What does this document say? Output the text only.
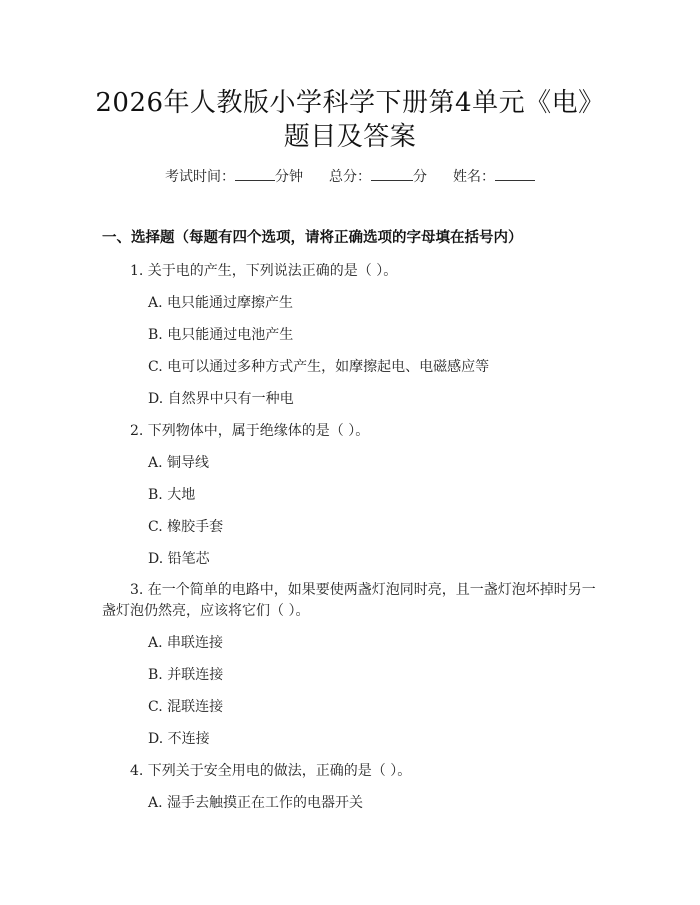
2026年人教版小学科学下册第4单元《电》
题目及答案
考试时间：	分钟 总分：	分 姓名：
一、选择题（每题有四个选项，请将正确选项的字母填在括号内）
1. 关于电的产生，下列说法正确的是（ ）。
A. 电只能通过摩擦产生
B. 电只能通过电池产生
C. 电可以通过多种方式产生，如摩擦起电、电磁感应等
D. 自然界中只有一种电
2. 下列物体中，属于绝缘体的是（ ）。
A. 铜导线
B. 大地
C. 橡胶手套
D. 铅笔芯
3. 在一个简单的电路中，如果要使两盏灯泡同时亮，且一盏灯泡坏掉时另一
盏灯泡仍然亮，应该将它们（ ）。
A. 串联连接
B. 并联连接
C. 混联连接
D. 不连接
4. 下列关于安全用电的做法，正确的是（ ）。
A. 湿手去触摸正在工作的电器开关
